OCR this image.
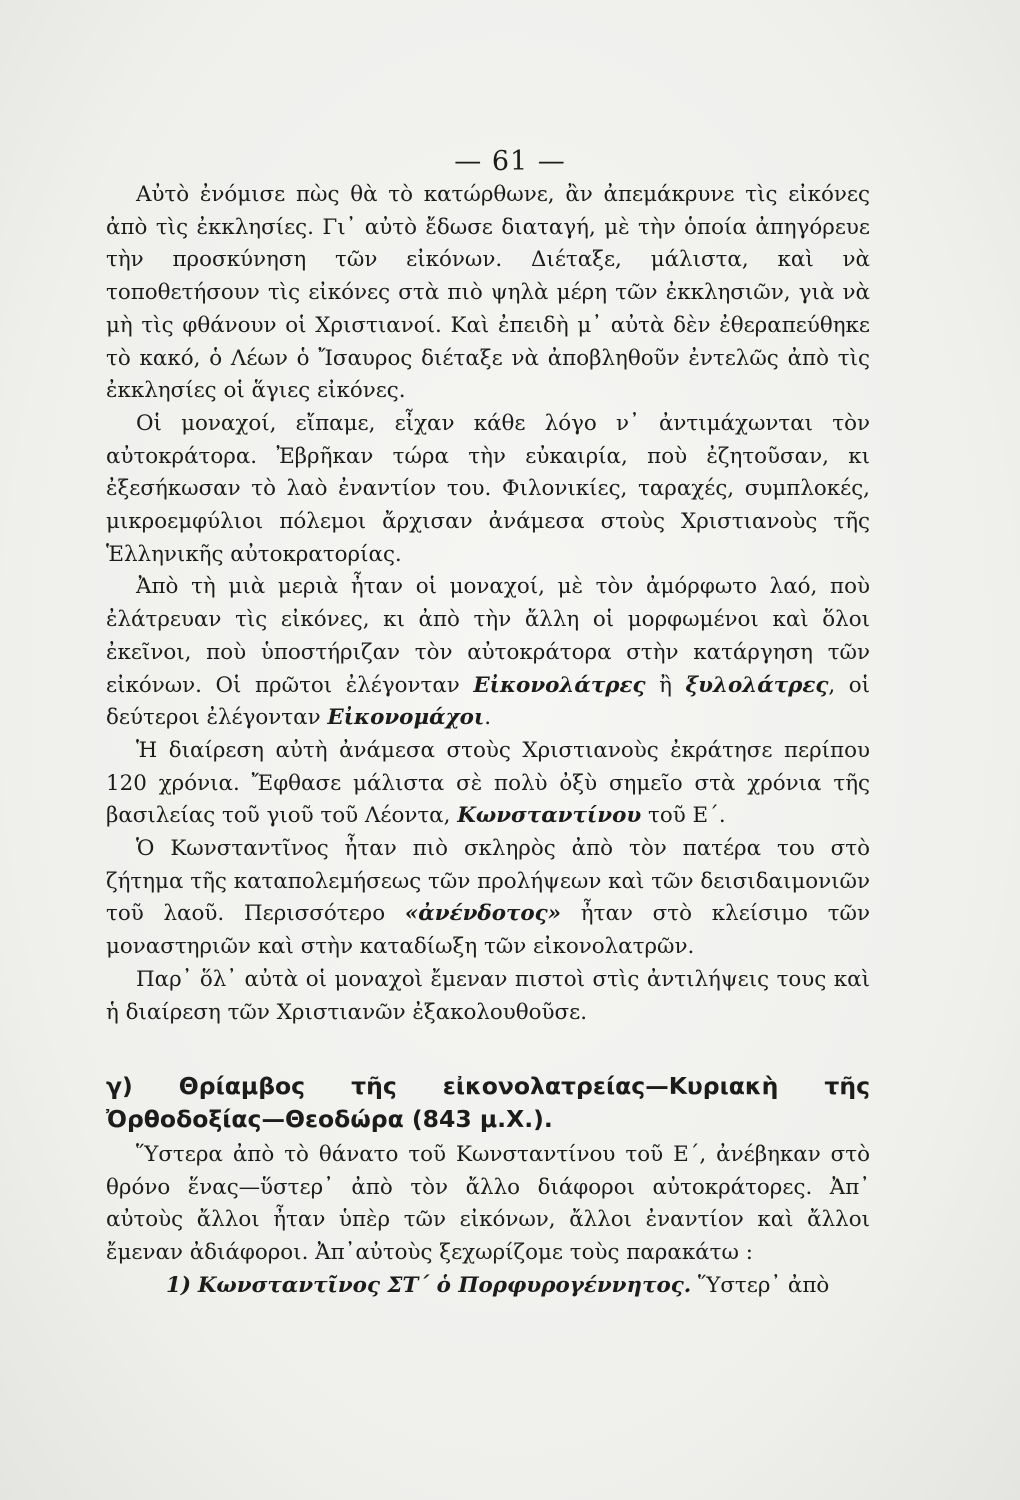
— 61 —

Αὐτὸ ἐνόμισε πὼς θὰ τὸ κατώρθωνε, ἂν ἀπεμάκρυνε τὶς εἰκόνες ἀπὸ τὶς ἐκκλησίες. Γι᾿ αὐτὸ ἔδωσε διαταγή, μὲ τὴν ὁποία ἀπηγόρευε τὴν προσκύνηση τῶν εἰκόνων. Διέταξε, μάλιστα, καὶ νὰ τοποθετήσουν τὶς εἰκόνες στὰ πιὸ ψηλὰ μέρη τῶν ἐκκλησιῶν, γιὰ νὰ μὴ τὶς φθάνουν οἱ Χριστιανοί. Καὶ ἐπειδὴ μ᾿ αὐτὰ δὲν ἐθεραπεύθηκε τὸ κακό, ὁ Λέων ὁ Ἴσαυρος διέταξε νὰ ἀποβληθοῦν ἐντελῶς ἀπὸ τὶς ἐκκλησίες οἱ ἅγιες εἰκόνες.

Οἱ μοναχοί, εἴπαμε, εἶχαν κάθε λόγο ν᾿ ἀντιμάχωνται τὸν αὐτοκράτορα. Ἐβρῆκαν τώρα τὴν εὐκαιρία, ποὺ ἐζητοῦσαν, κι ἐξεσήκωσαν τὸ λαὸ ἐναντίον του. Φιλονικίες, ταραχές, συμπλοκές, μικροεμφύλιοι πόλεμοι ἄρχισαν ἀνάμεσα στοὺς Χριστιανοὺς τῆς Ἑλληνικῆς αὐτοκρατορίας.

Ἀπὸ τὴ μιὰ μεριὰ ἦταν οἱ μοναχοί, μὲ τὸν ἀμόρφωτο λαό, ποὺ ἐλάτρευαν τὶς εἰκόνες, κι ἀπὸ τὴν ἄλλη οἱ μορφωμένοι καὶ ὅλοι ἐκεῖνοι, ποὺ ὑποστήριζαν τὸν αὐτοκράτορα στὴν κατάργηση τῶν εἰκόνων. Οἱ πρῶτοι ἐλέγονταν Εἰκονολάτρες ἢ ξυλολάτρες, οἱ δεύτεροι ἐλέγονταν Εἰκονομάχοι.

Ἡ διαίρεση αὐτὴ ἀνάμεσα στοὺς Χριστιανοὺς ἐκράτησε περίπου 120 χρόνια. Ἔφθασε μάλιστα σὲ πολὺ ὀξὺ σημεῖο στὰ χρόνια τῆς βασιλείας τοῦ γιοῦ τοῦ Λέοντα, Κωνσταντίνου τοῦ Ε΄.

Ὁ Κωνσταντῖνος ἦταν πιὸ σκληρὸς ἀπὸ τὸν πατέρα του στὸ ζήτημα τῆς καταπολεμήσεως τῶν προλήψεων καὶ τῶν δεισιδαιμονιῶν τοῦ λαοῦ. Περισσότερο «ἀνένδοτος» ἦταν στὸ κλείσιμο τῶν μοναστηριῶν καὶ στὴν καταδίωξη τῶν εἰκονολατρῶν.

Παρ᾿ ὅλ᾿ αὐτὰ οἱ μοναχοὶ ἔμεναν πιστοὶ στὶς ἀντιλήψεις τους καὶ ἡ διαίρεση τῶν Χριστιανῶν ἐξακολουθοῦσε.

γ) Θρίαμβος τῆς εἰκονολατρείας—Κυριακὴ τῆς Ὀρθοδοξίας—Θεοδώρα (843 μ.Χ.).

Ὕστερα ἀπὸ τὸ θάνατο τοῦ Κωνσταντίνου τοῦ Ε΄, ἀνέβηκαν στὸ θρόνο ἕνας—ὕστερ᾿ ἀπὸ τὸν ἄλλο διάφοροι αὐτοκράτορες. Ἀπ᾿ αὐτοὺς ἄλλοι ἦταν ὑπὲρ τῶν εἰκόνων, ἄλλοι ἐναντίον καὶ ἄλλοι ἔμεναν ἀδιάφοροι. Ἀπ᾿αὐτοὺς ξεχωρίζομε τοὺς παρακάτω :

1) Κωνσταντῖνος ΣΤ΄ ὁ Πορφυρογέννητος. Ὕστερ᾿ ἀπὸ
